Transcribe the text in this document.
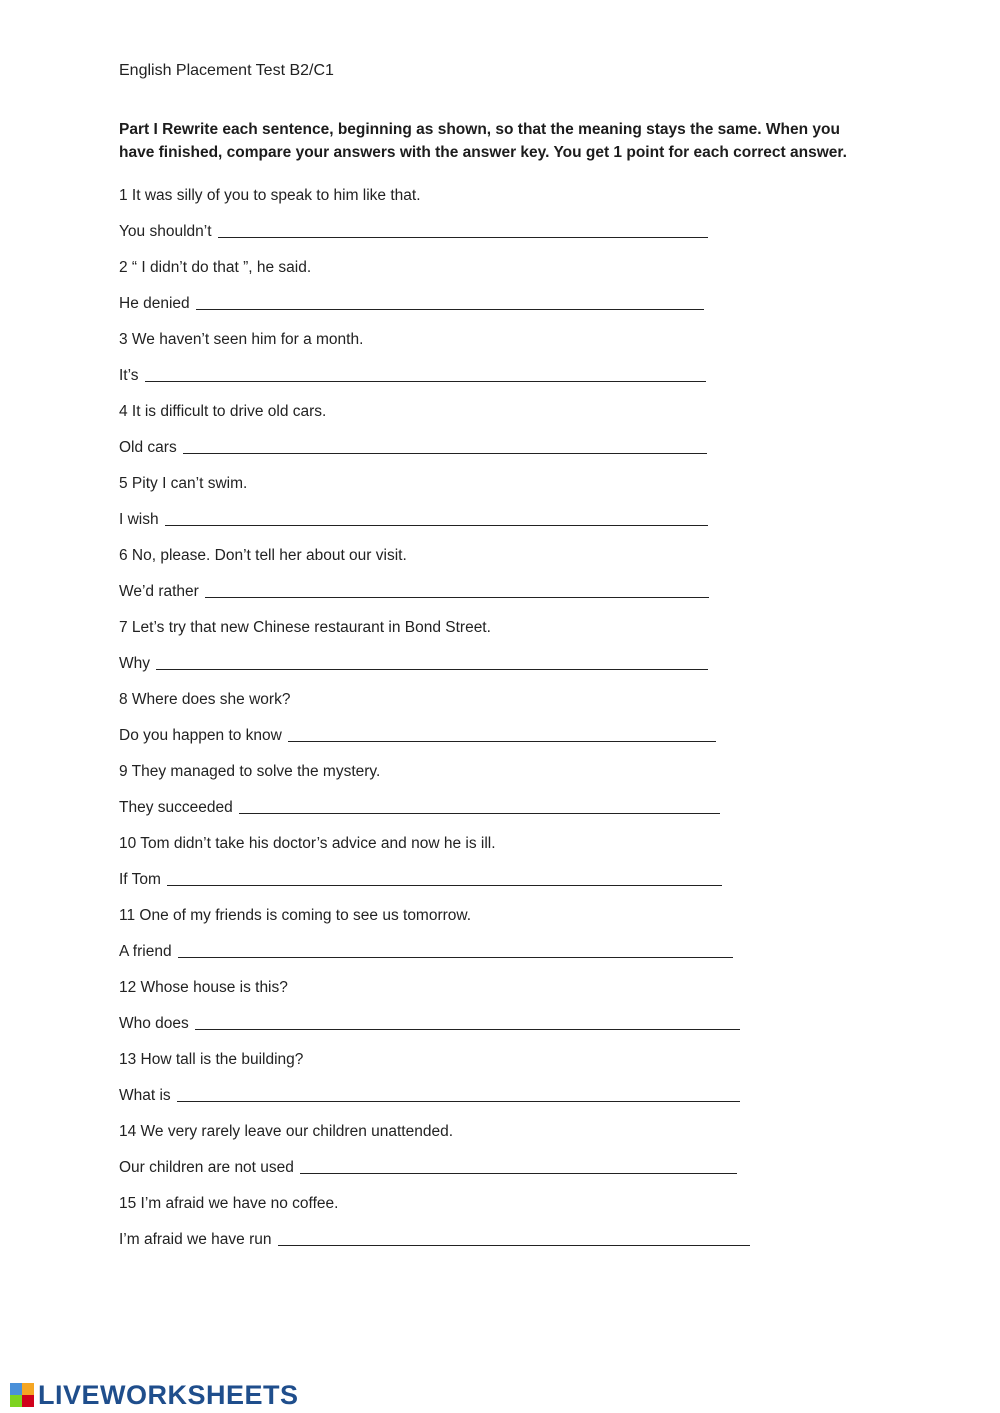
English Placement Test B2/C1
Part I Rewrite each sentence, beginning as shown, so that the meaning stays the same. When you have finished, compare your answers with the answer key. You get 1 point for each correct answer.
1 It was silly of you to speak to him like that.
You shouldn’t
2 “ I didn’t do that ”, he said.
He denied
3 We haven’t seen him for a month.
It’s
4 It is difficult to drive old cars.
Old cars
5 Pity I can’t swim.
I wish
6 No, please. Don’t tell her about our visit.
We’d rather
7 Let’s try that new Chinese restaurant in Bond Street.
Why
8 Where does she work?
Do you happen to know
9 They managed to solve the mystery.
They succeeded
10 Tom didn’t take his doctor’s advice and now he is ill.
If Tom
11 One of my friends is coming to see us tomorrow.
A friend
12 Whose house is this?
Who does
13 How tall is the building?
What is
14 We very rarely leave our children unattended.
Our children are not used
15 I’m afraid we have no coffee.
I’m afraid we have run
LIVEWORKSHEETS
